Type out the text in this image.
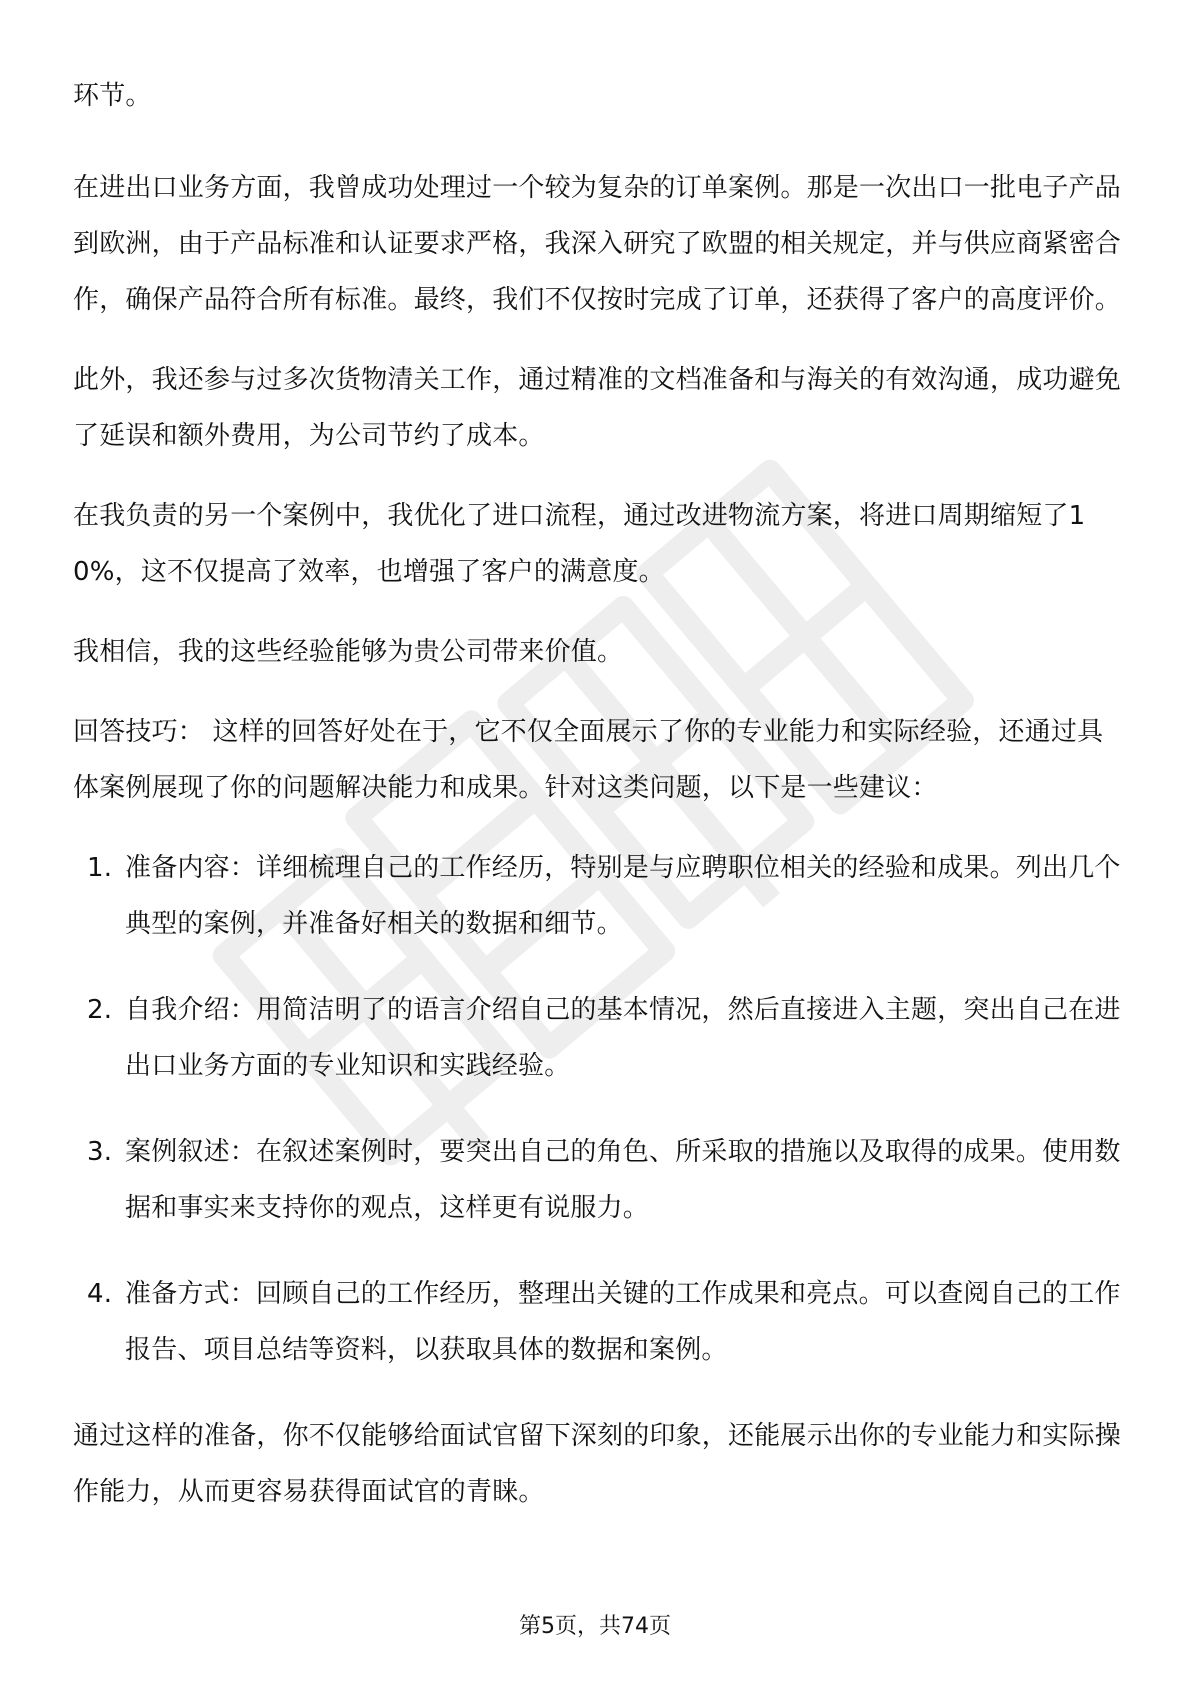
环节。

在进出口业务方面，我曾成功处理过一个较为复杂的订单案例。那是一次出口一批电子产品到欧洲，由于产品标准和认证要求严格，我深入研究了欧盟的相关规定，并与供应商紧密合作，确保产品符合所有标准。最终，我们不仅按时完成了订单，还获得了客户的高度评价。

此外，我还参与过多次货物清关工作，通过精准的文档准备和与海关的有效沟通，成功避免了延误和额外费用，为公司节约了成本。

在我负责的另一个案例中，我优化了进口流程，通过改进物流方案，将进口周期缩短了10%，这不仅提高了效率，也增强了客户的满意度。

我相信，我的这些经验能够为贵公司带来价值。

回答技巧： 这样的回答好处在于，它不仅全面展示了你的专业能力和实际经验，还通过具体案例展现了你的问题解决能力和成果。针对这类问题，以下是一些建议：

1. 准备内容：详细梳理自己的工作经历，特别是与应聘职位相关的经验和成果。列出几个典型的案例，并准备好相关的数据和细节。
2. 自我介绍：用简洁明了的语言介绍自己的基本情况，然后直接进入主题，突出自己在进出口业务方面的专业知识和实践经验。
3. 案例叙述：在叙述案例时，要突出自己的角色、所采取的措施以及取得的成果。使用数据和事实来支持你的观点，这样更有说服力。
4. 准备方式：回顾自己的工作经历，整理出关键的工作成果和亮点。可以查阅自己的工作报告、项目总结等资料，以获取具体的数据和案例。

通过这样的准备，你不仅能够给面试官留下深刻的印象，还能展示出你的专业能力和实际操作能力，从而更容易获得面试官的青睐。

第5页，共74页
